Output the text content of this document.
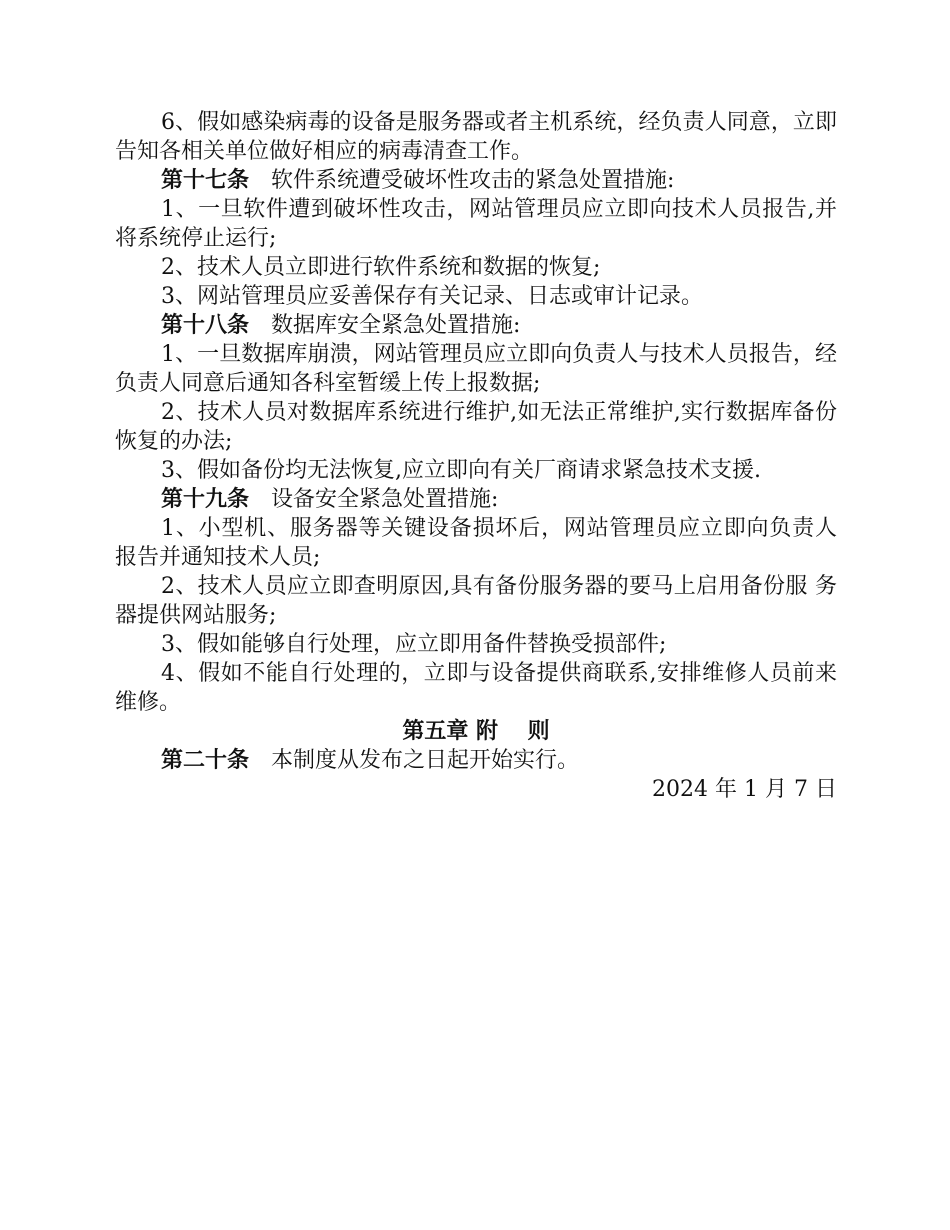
6、假如感染病毒的设备是服务器或者主机系统，经负责人同意，立即告知各相关单位做好相应的病毒清查工作。

第十七条 软件系统遭受破坏性攻击的紧急处置措施:

1、一旦软件遭到破坏性攻击，网站管理员应立即向技术人员报告,并将系统停止运行;

2、技术人员立即进行软件系统和数据的恢复;

3、网站管理员应妥善保存有关记录、日志或审计记录。

第十八条 数据库安全紧急处置措施:

1、一旦数据库崩溃，网站管理员应立即向负责人与技术人员报告，经负责人同意后通知各科室暂缓上传上报数据;

2、技术人员对数据库系统进行维护,如无法正常维护,实行数据库备份恢复的办法;

3、假如备份均无法恢复,应立即向有关厂商请求紧急技术支援.

第十九条 设备安全紧急处置措施:

1、小型机、服务器等关键设备损坏后，网站管理员应立即向负责人 报告并通知技术人员;

2、技术人员应立即查明原因,具有备份服务器的要马上启用备份服 务器提供网站服务;

3、假如能够自行处理，应立即用备件替换受损部件;

4、假如不能自行处理的，立即与设备提供商联系,安排维修人员前来维修。

第五章 附　 则

第二十条 本制度从发布之日起开始实行。

2024 年 1 月 7 日
